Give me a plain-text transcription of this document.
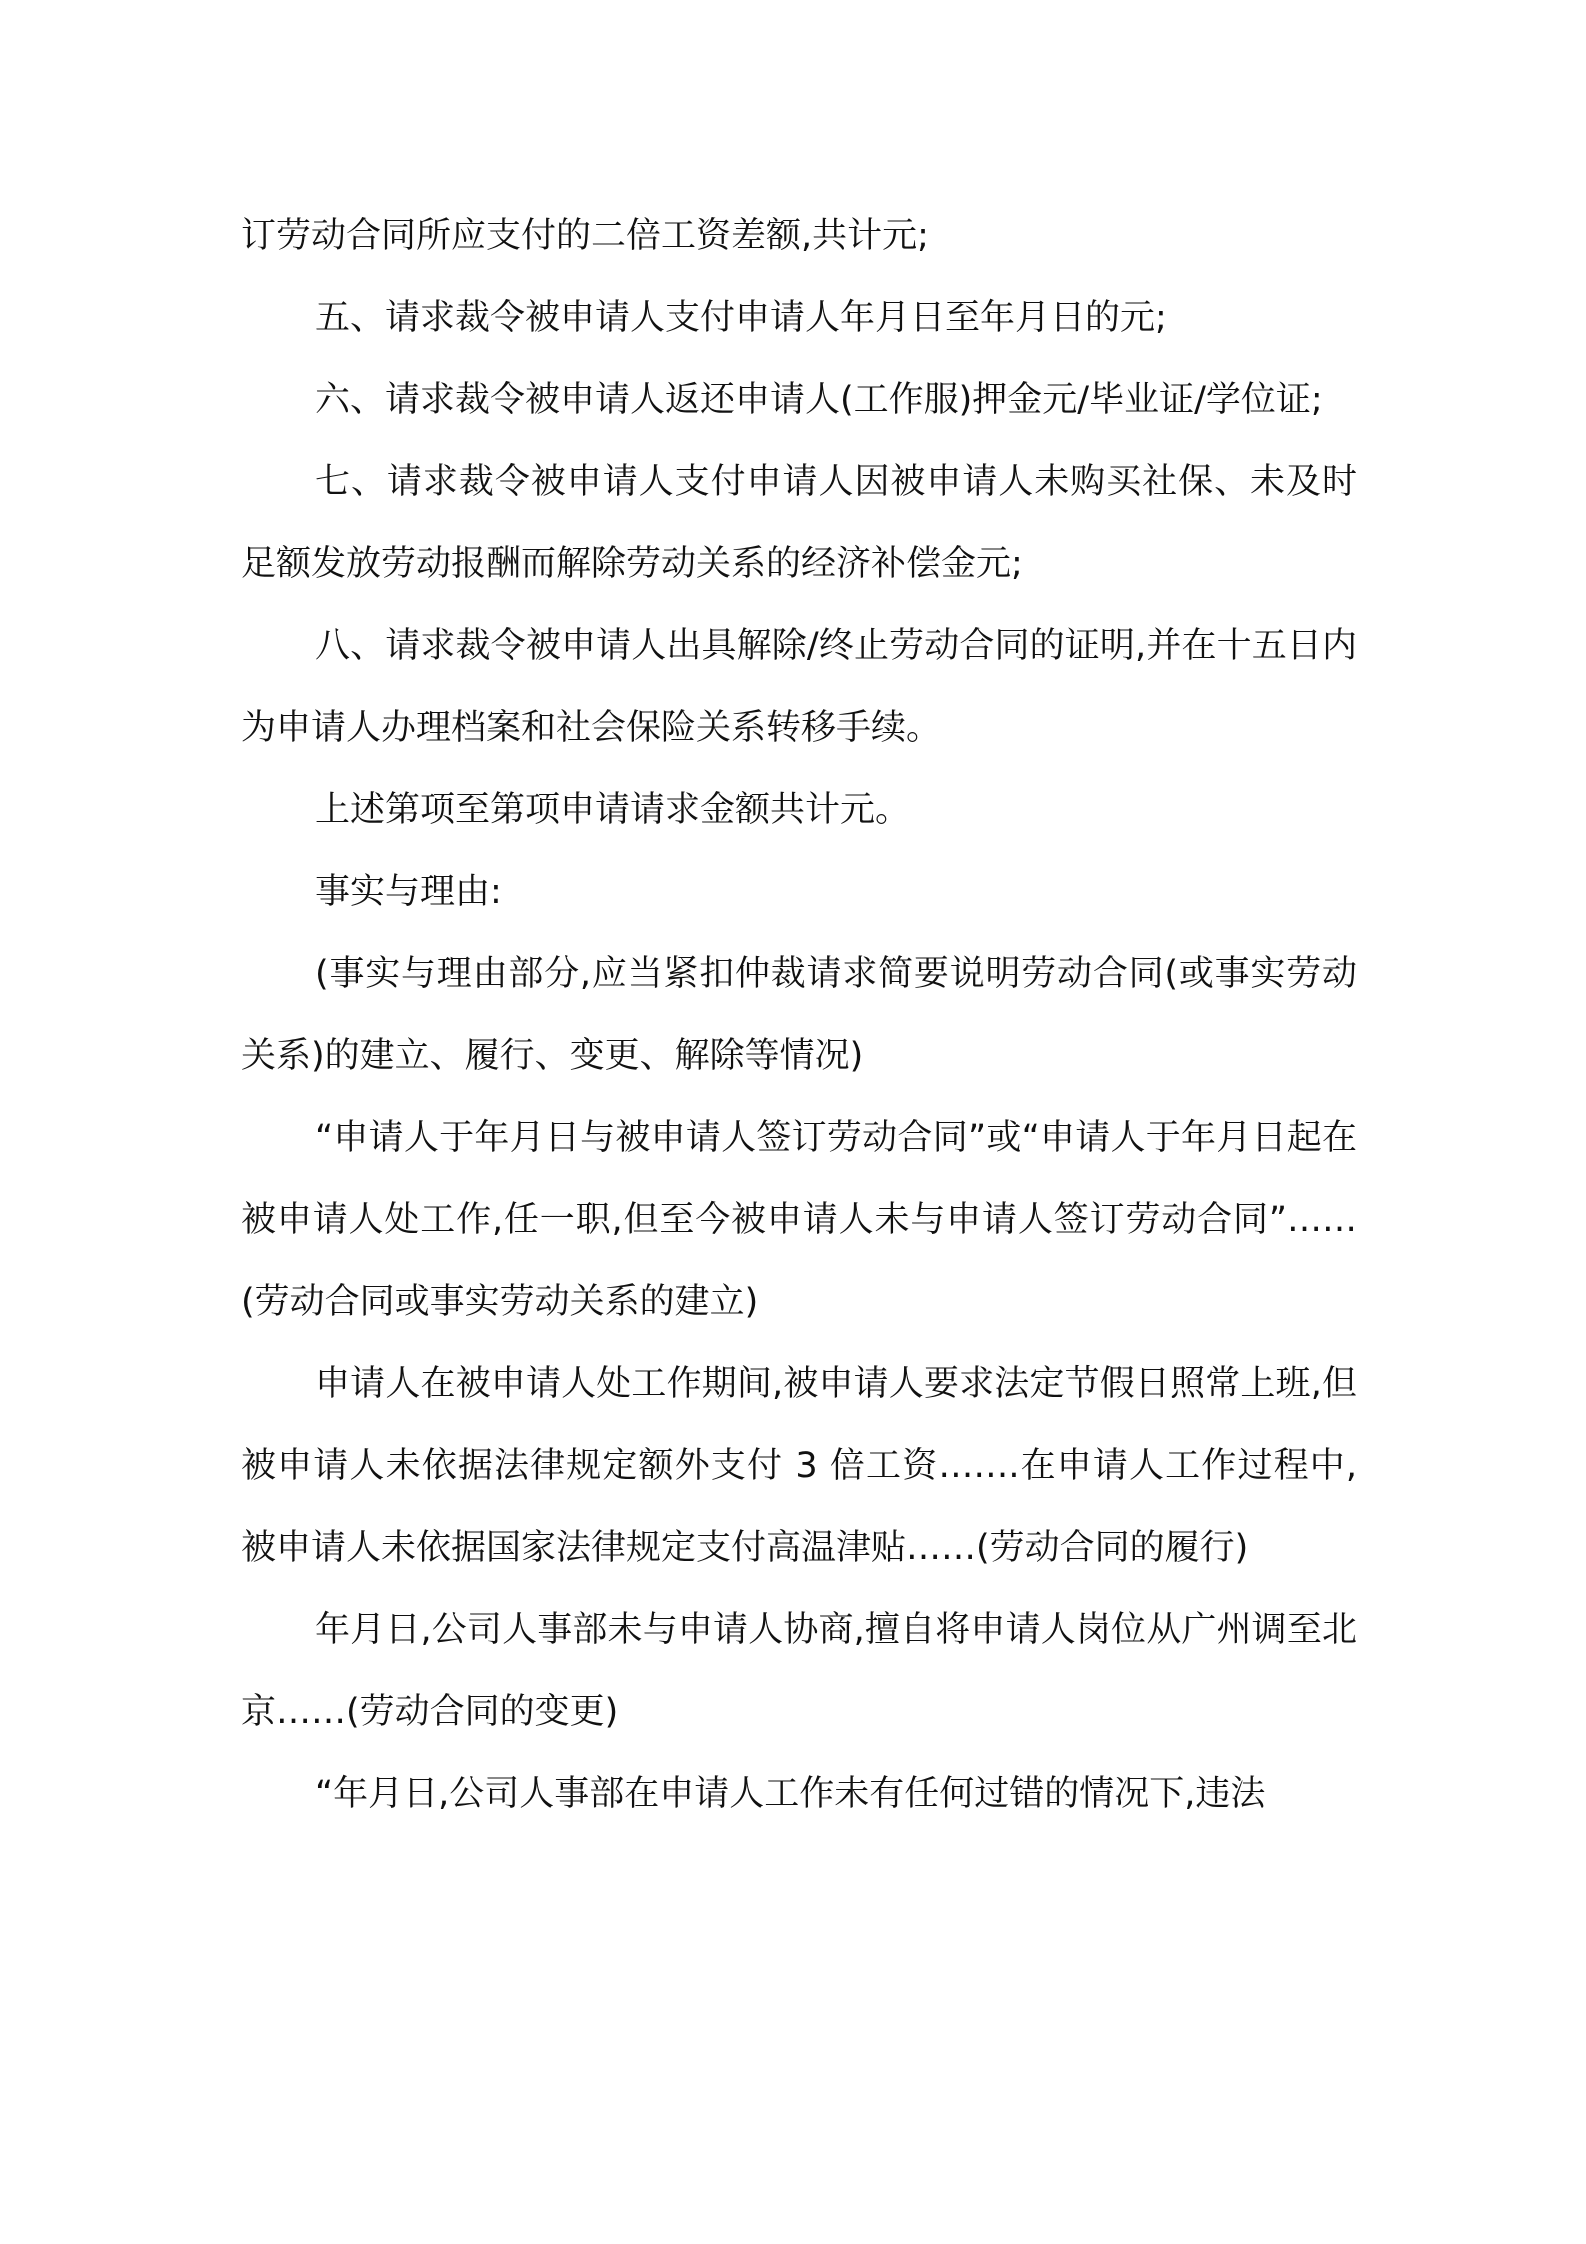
订劳动合同所应支付的二倍工资差额,共计元;

五、请求裁令被申请人支付申请人年月日至年月日的元;

六、请求裁令被申请人返还申请人(工作服)押金元/毕业证/学位证;

七、请求裁令被申请人支付申请人因被申请人未购买社保、未及时足额发放劳动报酬而解除劳动关系的经济补偿金元;

八、请求裁令被申请人出具解除/终止劳动合同的证明,并在十五日内为申请人办理档案和社会保险关系转移手续。

上述第项至第项申请请求金额共计元。

事实与理由:

(事实与理由部分,应当紧扣仲裁请求简要说明劳动合同(或事实劳动关系)的建立、履行、变更、解除等情况)

“申请人于年月日与被申请人签订劳动合同”或“申请人于年月日起在被申请人处工作,任一职,但至今被申请人未与申请人签订劳动合同”……(劳动合同或事实劳动关系的建立)

申请人在被申请人处工作期间,被申请人要求法定节假日照常上班,但被申请人未依据法律规定额外支付 3 倍工资…….在申请人工作过程中,被申请人未依据国家法律规定支付高温津贴……(劳动合同的履行)

年月日,公司人事部未与申请人协商,擅自将申请人岗位从广州调至北京……(劳动合同的变更)

“年月日,公司人事部在申请人工作未有任何过错的情况下,违法
